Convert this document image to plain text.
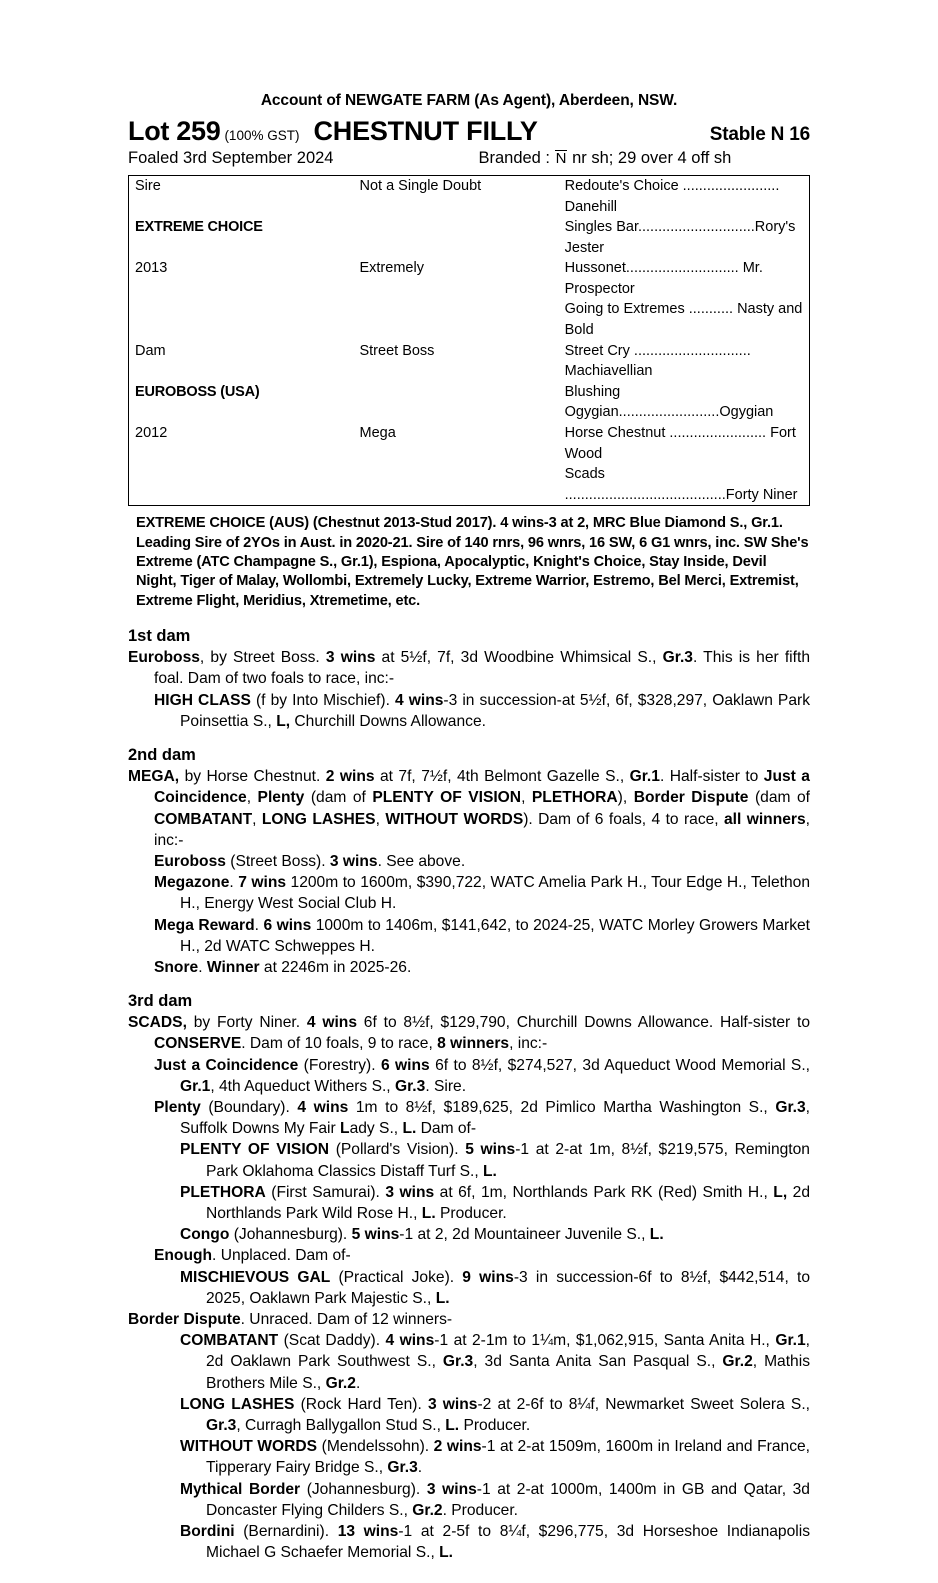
Account of NEWGATE FARM (As Agent), Aberdeen, NSW.
Lot 259 (100% GST) CHESTNUT FILLY	Stable N 16
Foaled 3rd September 2024	Branded : N nr sh; 29 over 4 off sh
Sire	Not a Single Doubt	Redoute's Choice ........................ Danehill
EXTREME CHOICE		Singles Bar.............................Rory's Jester
2013	Extremely	Hussonet............................ Mr. Prospector
		Going to Extremes ........... Nasty and Bold
Dam	Street Boss	Street Cry ............................. Machiavellian
EUROBOSS (USA)		Blushing Ogygian.........................Ogygian
2012	Mega	Horse Chestnut ........................ Fort Wood
		Scads ........................................Forty Niner
EXTREME CHOICE (AUS) (Chestnut 2013-Stud 2017). 4 wins-3 at 2, MRC Blue Diamond S., Gr.1. Leading Sire of 2YOs in Aust. in 2020-21. Sire of 140 rnrs, 96 wnrs, 16 SW, 6 G1 wnrs, inc. SW She's Extreme (ATC Champagne S., Gr.1), Espiona, Apocalyptic, Knight's Choice, Stay Inside, Devil Night, Tiger of Malay, Wollombi, Extremely Lucky, Extreme Warrior, Estremo, Bel Merci, Extremist, Extreme Flight, Meridius, Xtremetime, etc.
1st dam
Euroboss, by Street Boss. 3 wins at 5½f, 7f, 3d Woodbine Whimsical S., Gr.3. This is her fifth foal. Dam of two foals to race, inc:-
HIGH CLASS (f by Into Mischief). 4 wins-3 in succession-at 5½f, 6f, $328,297, Oaklawn Park Poinsettia S., L, Churchill Downs Allowance.
2nd dam
MEGA, by Horse Chestnut. 2 wins at 7f, 7½f, 4th Belmont Gazelle S., Gr.1. Half-sister to Just a Coincidence, Plenty (dam of PLENTY OF VISION, PLETHORA), Border Dispute (dam of COMBATANT, LONG LASHES, WITHOUT WORDS). Dam of 6 foals, 4 to race, all winners, inc:-
Euroboss (Street Boss). 3 wins. See above.
Megazone. 7 wins 1200m to 1600m, $390,722, WATC Amelia Park H., Tour Edge H., Telethon H., Energy West Social Club H.
Mega Reward. 6 wins 1000m to 1406m, $141,642, to 2024-25, WATC Morley Growers Market H., 2d WATC Schweppes H.
Snore. Winner at 2246m in 2025-26.
3rd dam
SCADS, by Forty Niner. 4 wins 6f to 8½f, $129,790, Churchill Downs Allowance. Half-sister to CONSERVE. Dam of 10 foals, 9 to race, 8 winners, inc:-
Just a Coincidence (Forestry). 6 wins 6f to 8½f, $274,527, 3d Aqueduct Wood Memorial S., Gr.1, 4th Aqueduct Withers S., Gr.3. Sire.
Plenty (Boundary). 4 wins 1m to 8½f, $189,625, 2d Pimlico Martha Washington S., Gr.3, Suffolk Downs My Fair Lady S., L. Dam of-
PLENTY OF VISION (Pollard's Vision). 5 wins-1 at 2-at 1m, 8½f, $219,575, Remington Park Oklahoma Classics Distaff Turf S., L.
PLETHORA (First Samurai). 3 wins at 6f, 1m, Northlands Park RK (Red) Smith H., L, 2d Northlands Park Wild Rose H., L. Producer.
Congo (Johannesburg). 5 wins-1 at 2, 2d Mountaineer Juvenile S., L.
Enough. Unplaced. Dam of-
MISCHIEVOUS GAL (Practical Joke). 9 wins-3 in succession-6f to 8½f, $442,514, to 2025, Oaklawn Park Majestic S., L.
Border Dispute. Unraced. Dam of 12 winners-
COMBATANT (Scat Daddy). 4 wins-1 at 2-1m to 1¼m, $1,062,915, Santa Anita H., Gr.1, 2d Oaklawn Park Southwest S., Gr.3, 3d Santa Anita San Pasqual S., Gr.2, Mathis Brothers Mile S., Gr.2.
LONG LASHES (Rock Hard Ten). 3 wins-2 at 2-6f to 8¼f, Newmarket Sweet Solera S., Gr.3, Curragh Ballygallon Stud S., L. Producer.
WITHOUT WORDS (Mendelssohn). 2 wins-1 at 2-at 1509m, 1600m in Ireland and France, Tipperary Fairy Bridge S., Gr.3.
Mythical Border (Johannesburg). 3 wins-1 at 2-at 1000m, 1400m in GB and Qatar, 3d Doncaster Flying Childers S., Gr.2. Producer.
Bordini (Bernardini). 13 wins-1 at 2-5f to 8¼f, $296,775, 3d Horseshoe Indianapolis Michael G Schaefer Memorial S., L.
